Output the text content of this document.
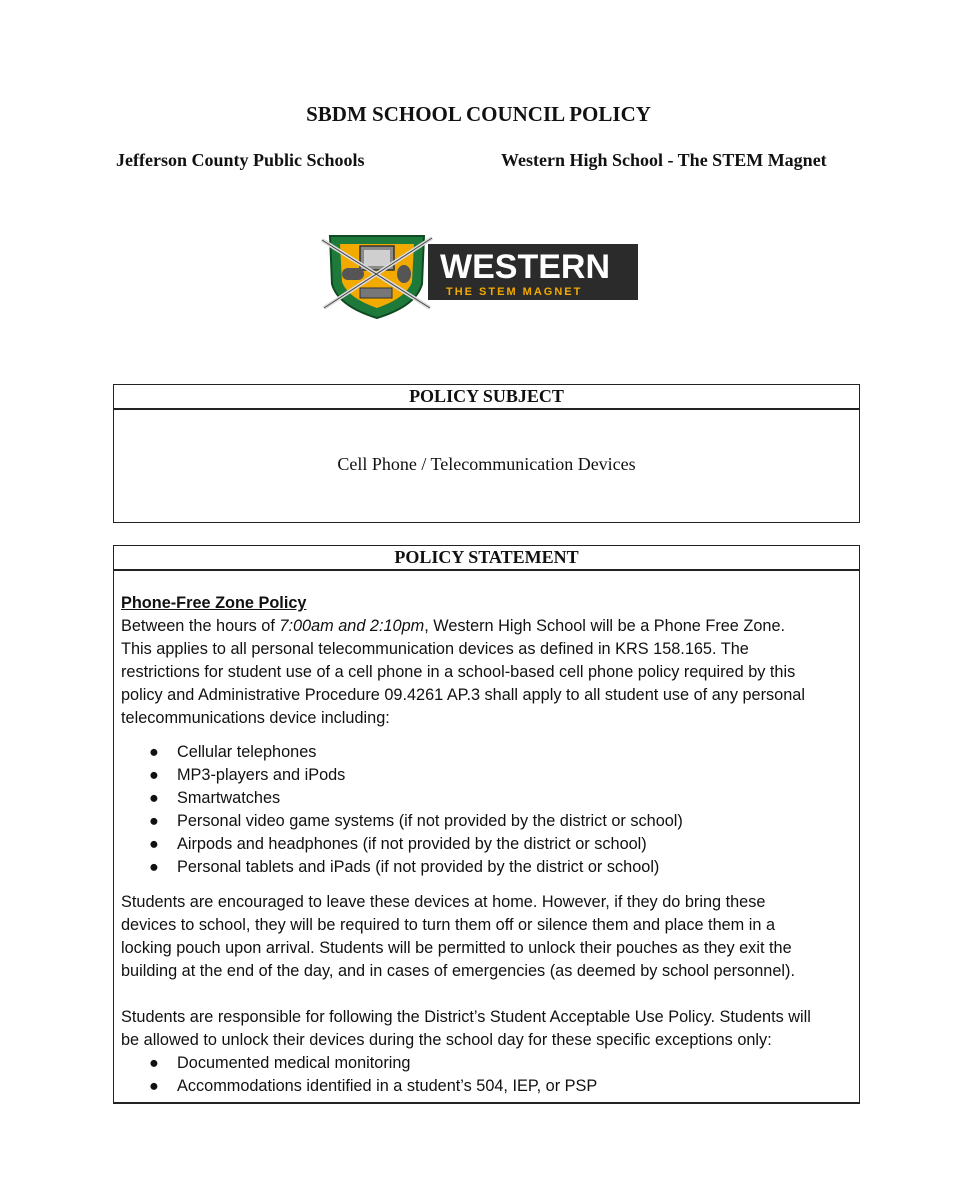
SBDM SCHOOL COUNCIL POLICY
Jefferson County Public Schools	Western High School - The STEM Magnet
WESTERN
THE STEM MAGNET
POLICY SUBJECT
Cell Phone / Telecommunication Devices
POLICY STATEMENT
Phone-Free Zone Policy
Between the hours of 7:00am and 2:10pm, Western High School will be a Phone Free Zone.
This applies to all personal telecommunication devices as defined in KRS 158.165. The
restrictions for student use of a cell phone in a school-based cell phone policy required by this
policy and Administrative Procedure 09.4261 AP.3 shall apply to all student use of any personal
telecommunications device including:
● Cellular telephones
● MP3-players and iPods
● Smartwatches
● Personal video game systems (if not provided by the district or school)
● Airpods and headphones (if not provided by the district or school)
● Personal tablets and iPads (if not provided by the district or school)
Students are encouraged to leave these devices at home. However, if they do bring these
devices to school, they will be required to turn them off or silence them and place them in a
locking pouch upon arrival. Students will be permitted to unlock their pouches as they exit the
building at the end of the day, and in cases of emergencies (as deemed by school personnel).
Students are responsible for following the District’s Student Acceptable Use Policy. Students will
be allowed to unlock their devices during the school day for these specific exceptions only:
● Documented medical monitoring
● Accommodations identified in a student’s 504, IEP, or PSP
